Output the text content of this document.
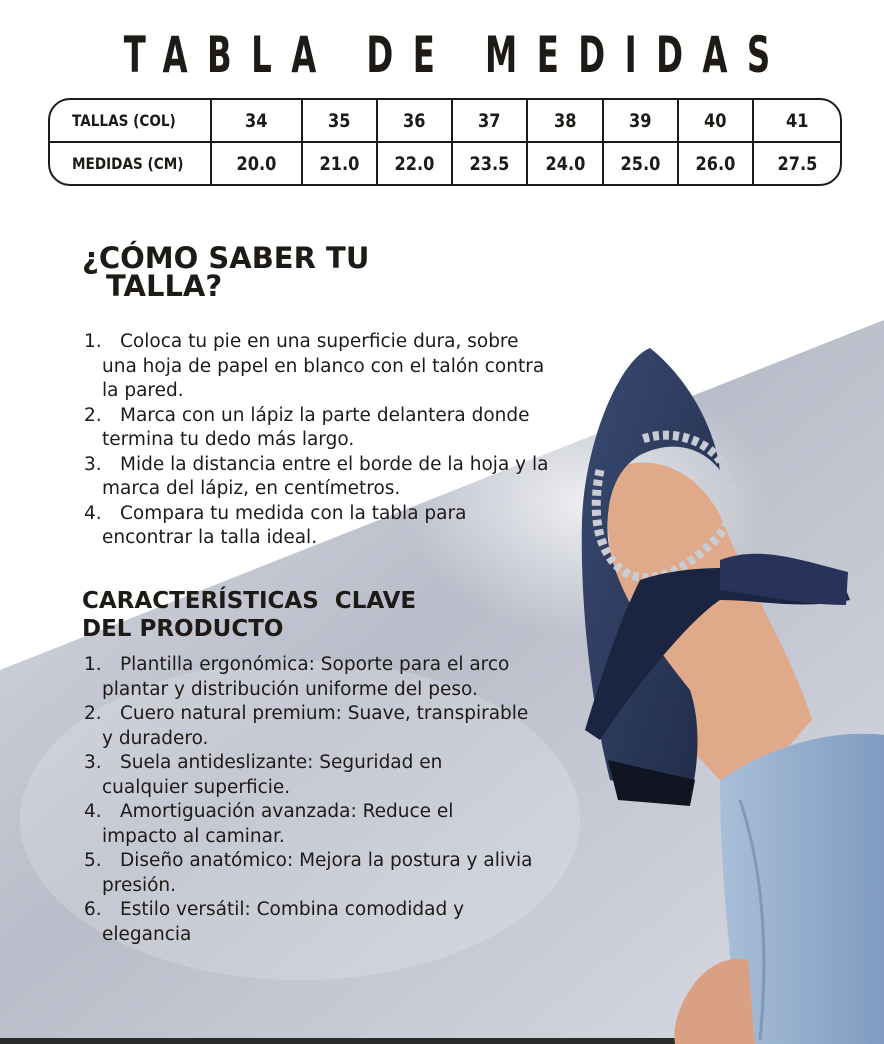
TABLA DE MEDIDAS
TALLAS (COL)	34	35	36	37	38	39	40	41
MEDIDAS (CM)	20.0	21.0	22.0	23.5	24.0	25.0	26.0	27.5
¿CÓMO SABER TU
TALLA?
1. Coloca tu pie en una superficie dura, sobre una hoja de papel en blanco con el talón contra la pared.
2. Marca con un lápiz la parte delantera donde termina tu dedo más largo.
3. Mide la distancia entre el borde de la hoja y la marca del lápiz, en centímetros.
4. Compara tu medida con la tabla para encontrar la talla ideal.
CARACTERÍSTICAS  CLAVE
DEL PRODUCTO
1. Plantilla ergonómica: Soporte para el arco plantar y distribución uniforme del peso.
2. Cuero natural premium: Suave, transpirable y duradero.
3. Suela antideslizante: Seguridad en cualquier superficie.
4. Amortiguación avanzada: Reduce el impacto al caminar.
5. Diseño anatómico: Mejora la postura y alivia presión.
6. Estilo versátil: Combina comodidad y elegancia
